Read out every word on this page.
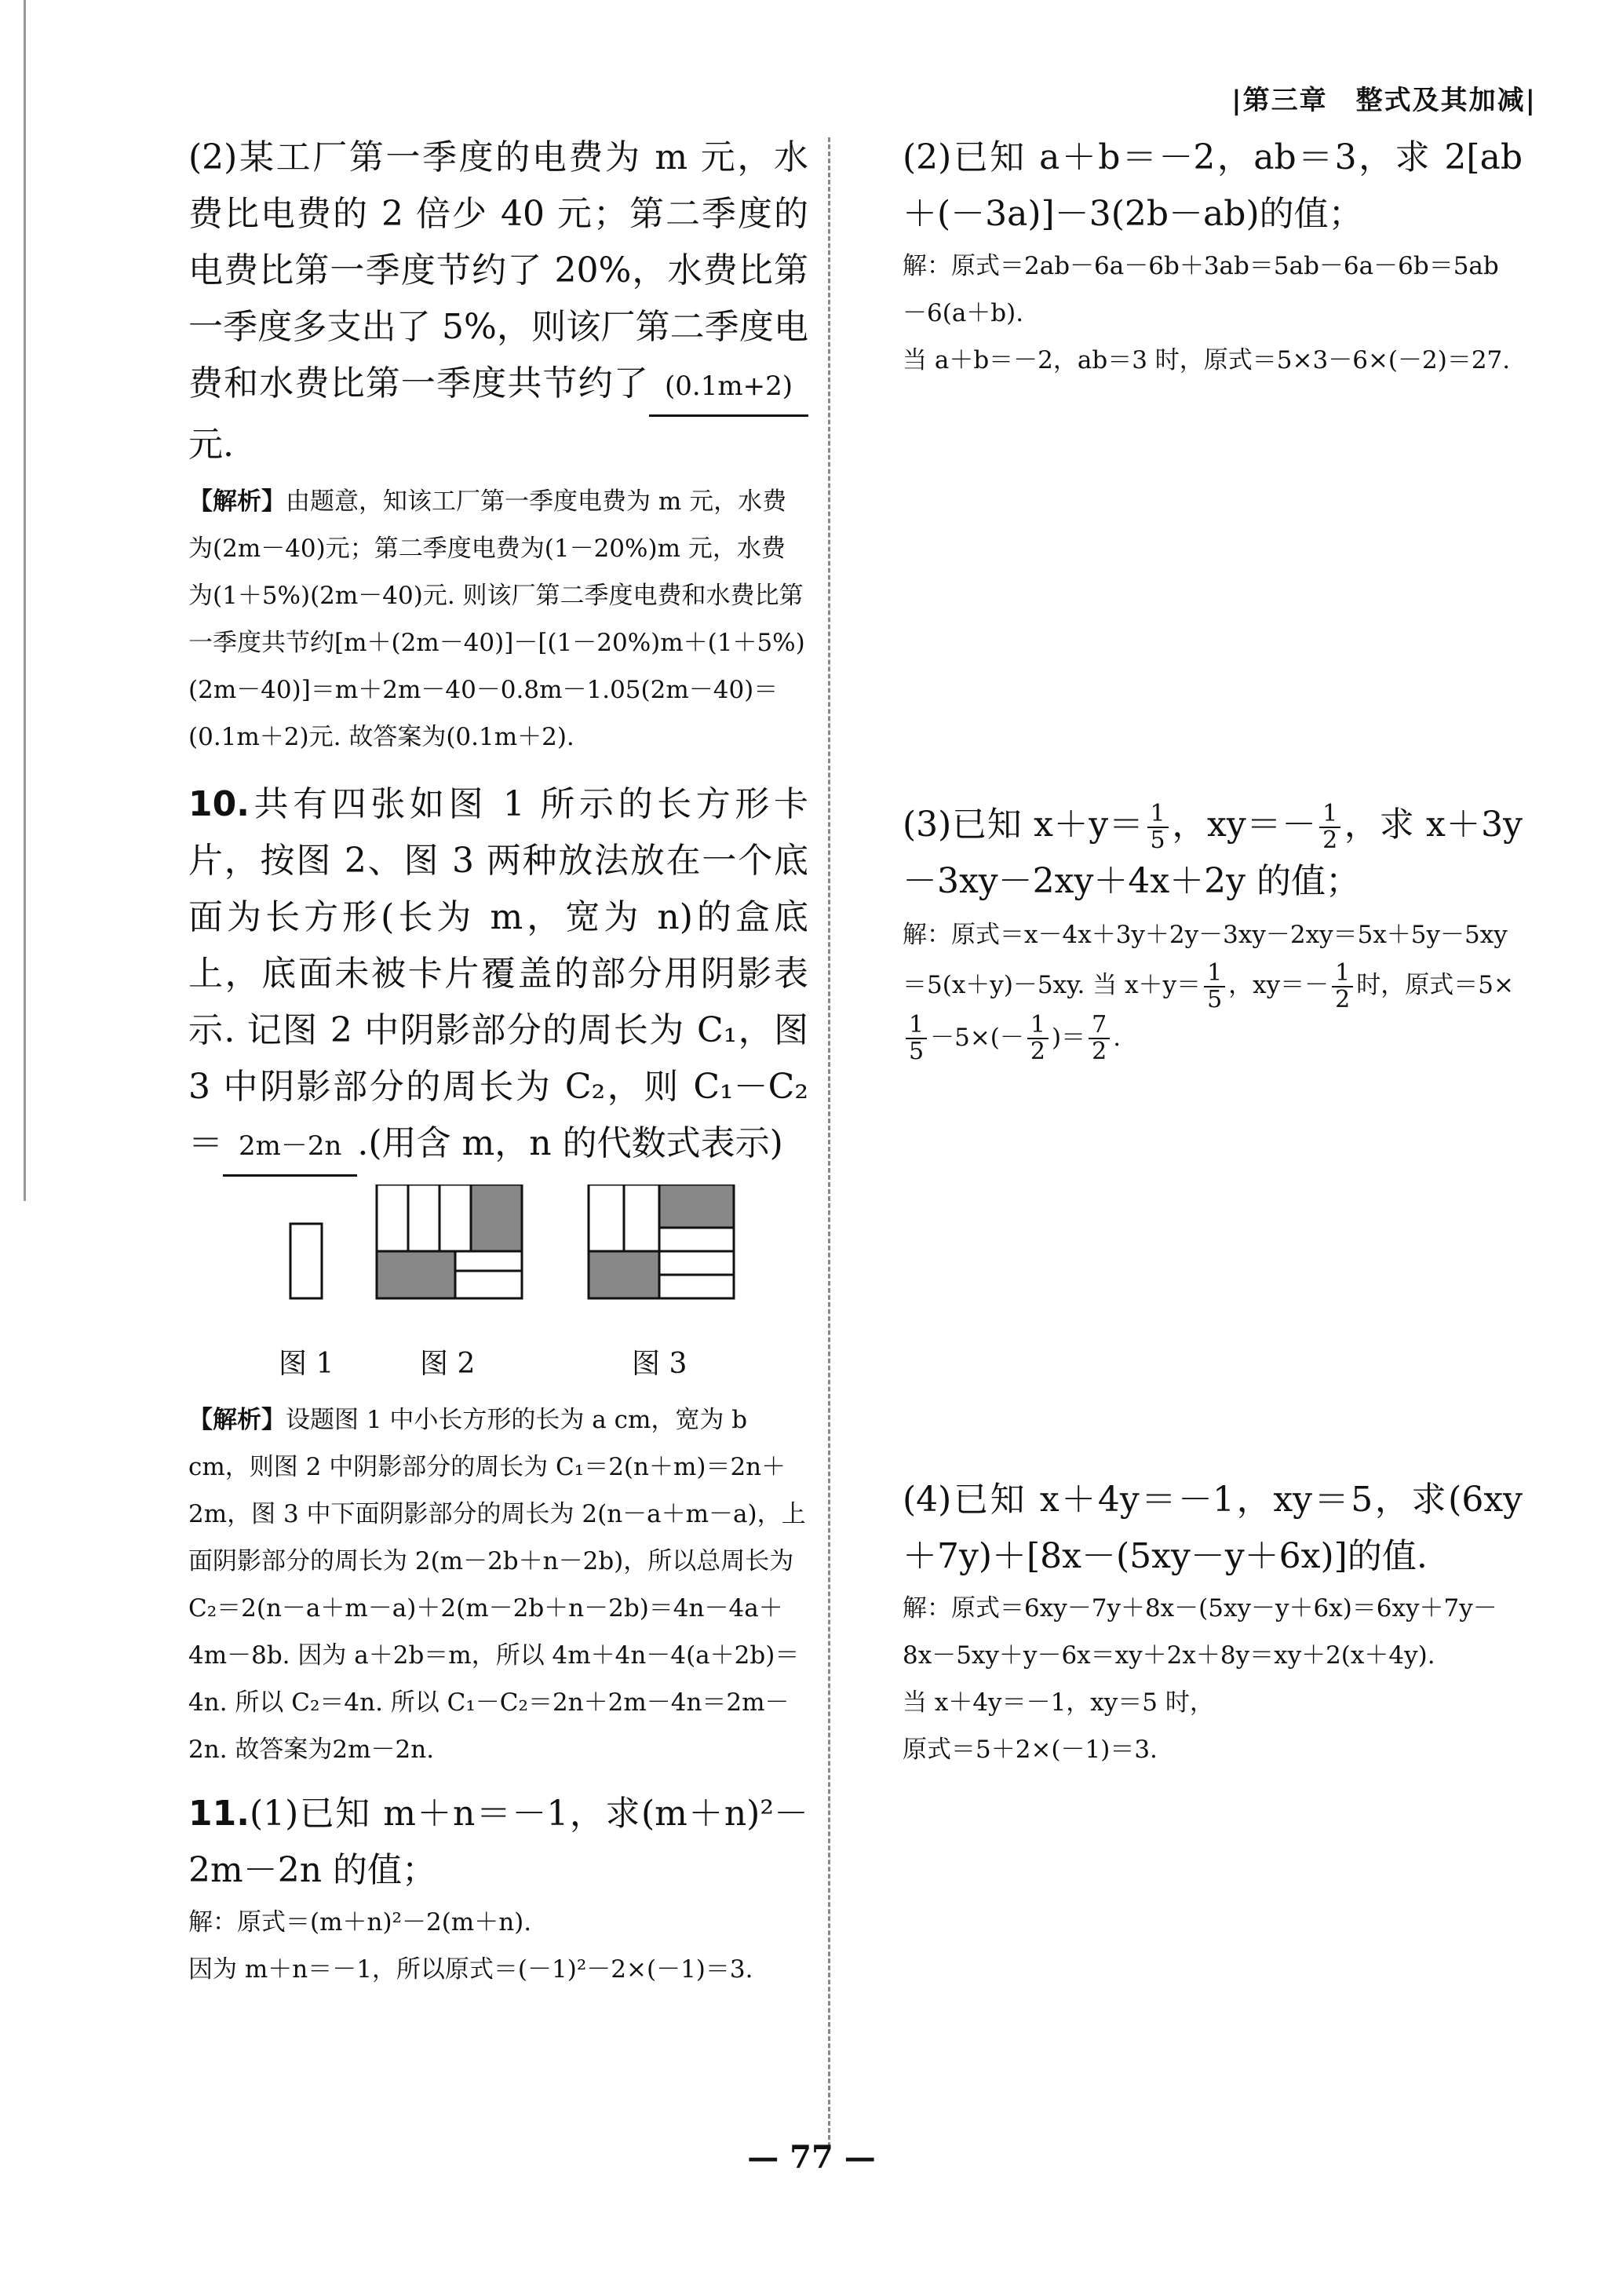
|第三章　整式及其加减|
(2)某工厂第一季度的电费为 m 元，水费比电费的 2 倍少 40 元；第二季度的电费比第一季度节约了 20%，水费比第一季度多支出了 5%，则该厂第二季度电费和水费比第一季度共节约了 (0.1m+2)元.
【解析】由题意，知该工厂第一季度电费为 m 元，水费为(2m－40)元；第二季度电费为(1－20%)m 元，水费为(1＋5%)(2m－40)元. 则该厂第二季度电费和水费比第一季度共节约[m＋(2m－40)]－[(1－20%)m＋(1＋5%)(2m－40)]＝m＋2m－40－0.8m－1.05(2m－40)＝(0.1m＋2)元. 故答案为(0.1m＋2).
10.共有四张如图 1 所示的长方形卡片，按图 2、图 3 两种放法放在一个底面为长方形(长为 m，宽为 n)的盒底上，底面未被卡片覆盖的部分用阴影表示. 记图 2 中阴影部分的周长为 C₁，图 3 中阴影部分的周长为 C₂，则 C₁－C₂＝ 2m－2n .(用含 m，n 的代数式表示)
图 1	图 2	图 3
【解析】设题图 1 中小长方形的长为 a cm，宽为 b cm，则图 2 中阴影部分的周长为 C₁＝2(n＋m)＝2n＋2m，图 3 中下面阴影部分的周长为 2(n－a＋m－a)，上面阴影部分的周长为 2(m－2b＋n－2b)，所以总周长为 C₂＝2(n－a＋m－a)＋2(m－2b＋n－2b)＝4n－4a＋4m－8b. 因为 a＋2b＝m，所以 4m＋4n－4(a＋2b)＝4n. 所以 C₂＝4n. 所以 C₁－C₂＝2n＋2m－4n＝2m－2n. 故答案为2m－2n.
11.(1)已知 m＋n＝－1，求(m＋n)²－2m－2n 的值；
解：原式＝(m＋n)²－2(m＋n).
因为 m＋n＝－1，所以原式＝(－1)²－2×(－1)＝3.
(2)已知 a＋b＝－2，ab＝3，求 2[ab＋(－3a)]－3(2b－ab)的值；
解：原式＝2ab－6a－6b＋3ab＝5ab－6a－6b＝5ab－6(a＋b).
当 a＋b＝－2，ab＝3 时，原式＝5×3－6×(－2)＝27.
(3)已知 $x+y= \frac{1}{5}$ ，$xy=- \frac{1}{2}$ ，求 x＋3y－3xy－2xy＋4x＋2y 的值；
解：原式＝x－4x＋3y＋2y－3xy－2xy＝5x＋5y－5xy＝5(x＋y)－5xy. 当 $x+y= \frac{1}{5}$ ，$xy=- \frac{1}{2}$ 时，原式＝5×
$\frac{1}{5} -5\times(- \frac{1}{2}$ )＝ $\frac{7}{2}$ .
(4)已知 x＋4y＝－1，xy＝5，求(6xy＋7y)＋[8x－(5xy－y＋6x)]的值.
解：原式＝6xy－7y＋8x－(5xy－y＋6x)＝6xy＋7y－8x－5xy＋y－6x＝xy＋2x＋8y＝xy＋2(x＋4y).
当 x＋4y＝－1，xy＝5 时，
原式＝5＋2×(－1)＝3.
— 77 —
